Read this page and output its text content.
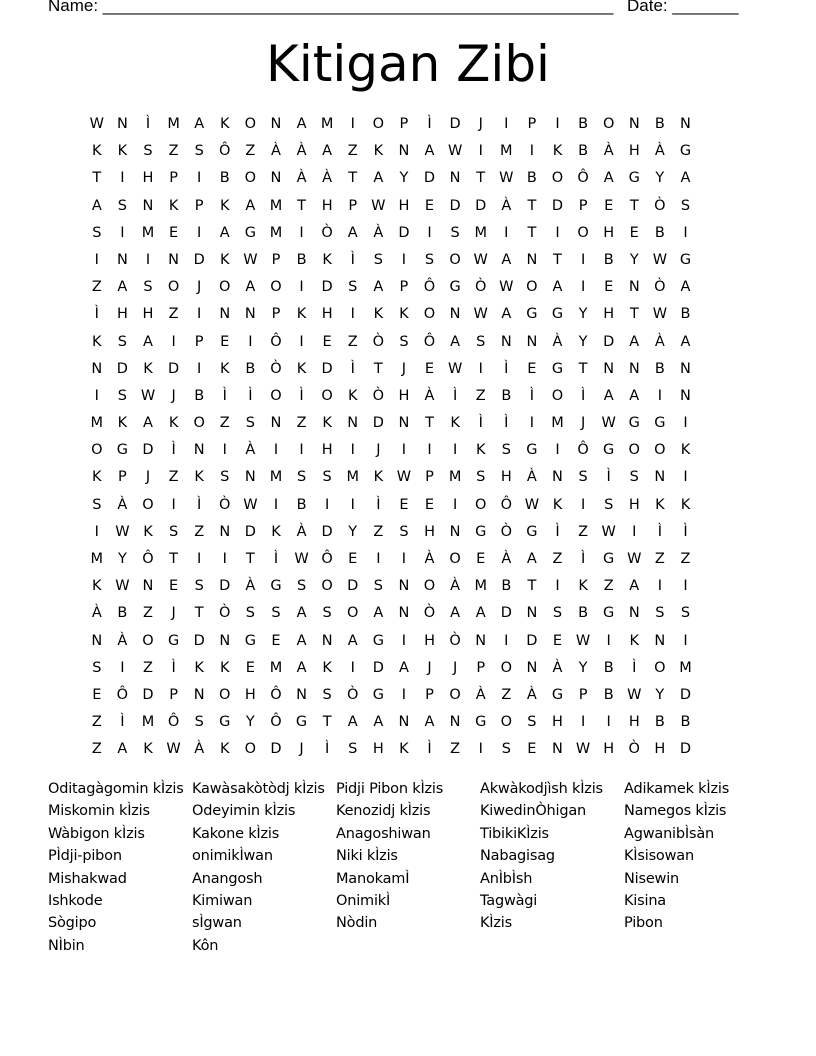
Name: ______________________________________________________ Date: _______
Kitigan Zibi
W N Ì M A K O N A M I O P Ì D J I P I B O N B N
K K S Z S Ô Z À À A Z K N A W I M I K B À H À G
T I H P I B O N À À T A Y D N T W B O Ô A G Y A
A S N K P K A M T H P W H E D D À T D P E T Ò S
S I M E I A G M I Ò A À D I S M I T I O H E B I
I N I N D K W P B K Ì S I S O W A N T I B Y W G
Z A S O J O A O I D S A P Ô G Ò W O A I E N Ò A
Ì H H Z I N N P K H I K K O N W A G G Y H T W B
K S A I P E I Ô I E Z Ò S Ô A S N N À Y D A À A
N D K D I K B Ò K D Ì T J E W I Ì E G T N N B N
I S W J B Ì Ì O Ì O K Ò H À Ì Z B Ì O Ì A A I N
M K A K O Z S N Z K N D N T K Ì Ì I M J W G G I
O G D Ì N I À I I H I J I I I K S G I Ô G O O K
K P J Z K S N M S S M K W P M S H À N S Ì S N I
S À O I Ì Ò W I B I I Ì E E I O Ô W K I S H K K
I W K S Z N D K À D Y Z S H N G Ò G Ì Z W I Ì Ì
M Y Ô T I I T Ì W Ô E I I À O E À A Z Ì G W Z Z
K W N E S D À G S O D S N O À M B T I K Z A I I
À B Z J T Ò S S A S O A N Ò A A D N S B G N S S
N À O G D N G E A N A G I H Ò N I D E W I K N I
S I Z Ì K K E M A K I D A J J P O N À Y B Ì O M
E Ô D P N O H Ô N S Ò G I P O À Z À G P B W Y D
Z Ì M Ô S G Y Ô G T A A N A N G O S H I I H B B
Z A K W À K O D J Ì S H K Ì Z I S E N W H Ò H D
Oditagàgomin kÌzis
Miskomin kÌzis
Wàbigon kÌzis
PÌdji-pibon
Mishakwad
Ishkode
Sògipo
NÌbin
Kawàsakòtòdj kÌzis
Odeyimin kÌzis
Kakone kÌzis
onimikÌwan
Anangosh
Kimiwan
sÌgwan
Kôn
Pidji Pibon kÌzis
Kenozidj kÌzis
Anagoshiwan
Niki kÌzis
ManokamÌ
OnimikÌ
Nòdin
Akwàkodjìsh kÌzis
KiwedinÒhigan
TibikiKÌzis
Nabagisag
AnÌbÌsh
Tagwàgi
KÌzis
Adikamek kÌzis
Namegos kÌzis
AgwanibÌsàn
KÌsisowan
Nisewin
Kisina
Pibon
